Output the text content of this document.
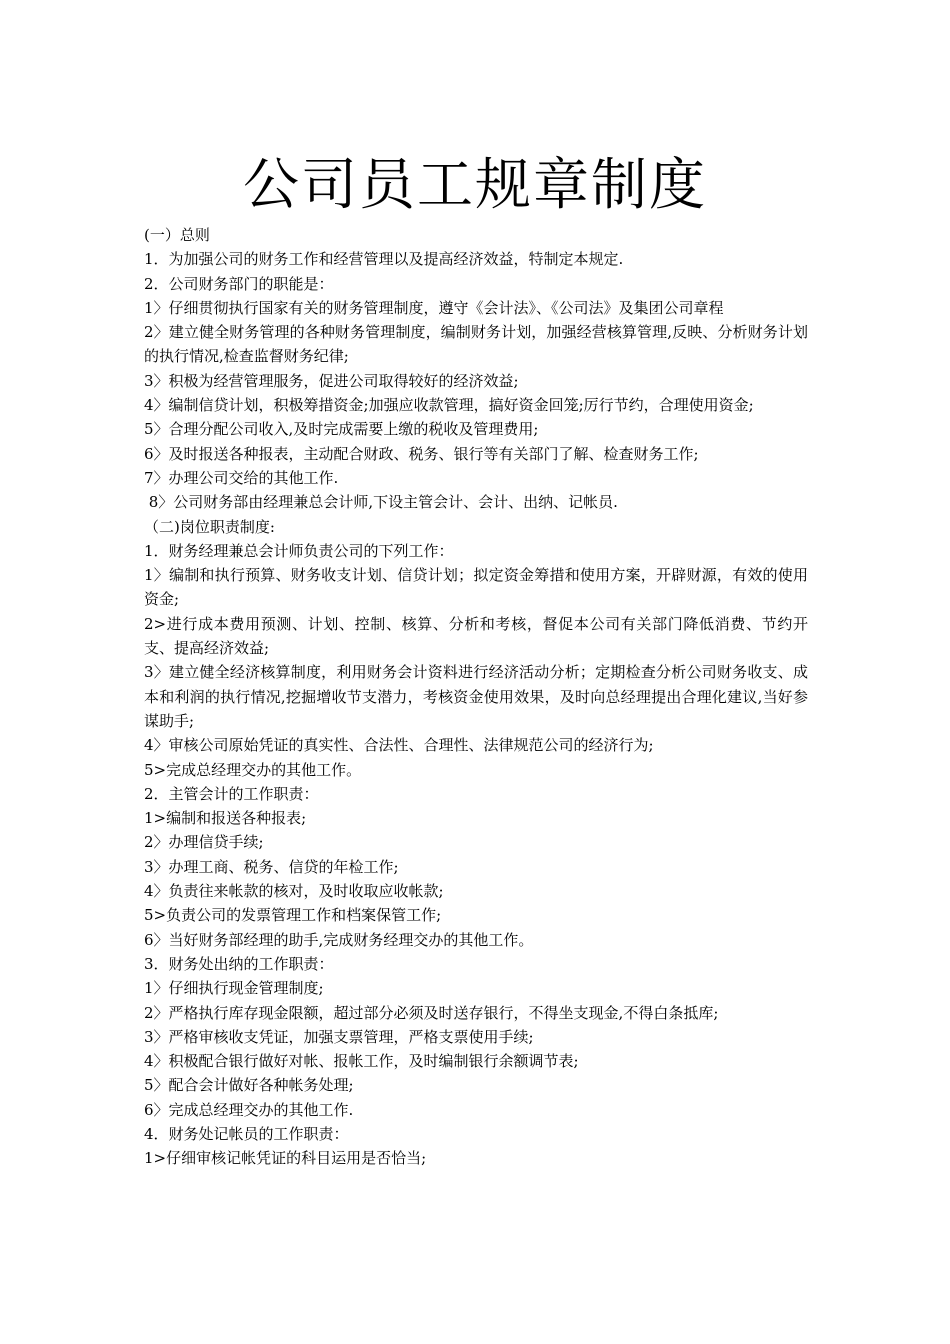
公司员工规章制度

(一）总则

1．为加强公司的财务工作和经营管理以及提高经济效益，特制定本规定.

2．公司财务部门的职能是：

1〉仔细贯彻执行国家有关的财务管理制度，遵守《会计法》、《公司法》及集团公司章程

2〉建立健全财务管理的各种财务管理制度，编制财务计划，加强经营核算管理,反映、分析财务计划的执行情况,检查监督财务纪律;

3〉积极为经营管理服务，促进公司取得较好的经济效益;

4〉编制信贷计划，积极筹措资金;加强应收款管理，搞好资金回笼;厉行节约，合理使用资金;

5〉合理分配公司收入,及时完成需要上缴的税收及管理费用;

6〉及时报送各种报表，主动配合财政、税务、银行等有关部门了解、检查财务工作;

7〉办理公司交给的其他工作.

8〉公司财务部由经理兼总会计师,下设主管会计、会计、出纳、记帐员.

（二)岗位职责制度:

1．财务经理兼总会计师负责公司的下列工作：

1〉编制和执行预算、财务收支计划、信贷计划；拟定资金筹措和使用方案，开辟财源，有效的使用资金;

2>进行成本费用预测、计划、控制、核算、分析和考核，督促本公司有关部门降低消费、节约开支、提高经济效益;

3〉建立健全经济核算制度，利用财务会计资料进行经济活动分析；定期检查分析公司财务收支、成本和利润的执行情况,挖掘增收节支潜力，考核资金使用效果，及时向总经理提出合理化建议,当好参谋助手;

4〉审核公司原始凭证的真实性、合法性、合理性、法律规范公司的经济行为;

5>完成总经理交办的其他工作。

2．主管会计的工作职责：

1>编制和报送各种报表;

2〉办理信贷手续;

3〉办理工商、税务、信贷的年检工作;

4〉负责往来帐款的核对，及时收取应收帐款;

5>负责公司的发票管理工作和档案保管工作;

6〉当好财务部经理的助手,完成财务经理交办的其他工作。

3．财务处出纳的工作职责：

1〉仔细执行现金管理制度;

2〉严格执行库存现金限额，超过部分必须及时送存银行，不得坐支现金,不得白条抵库;

3〉严格审核收支凭证，加强支票管理，严格支票使用手续;

4〉积极配合银行做好对帐、报帐工作，及时编制银行余额调节表;

5〉配合会计做好各种帐务处理;

6〉完成总经理交办的其他工作.

4．财务处记帐员的工作职责：

1>仔细审核记帐凭证的科目运用是否恰当;
